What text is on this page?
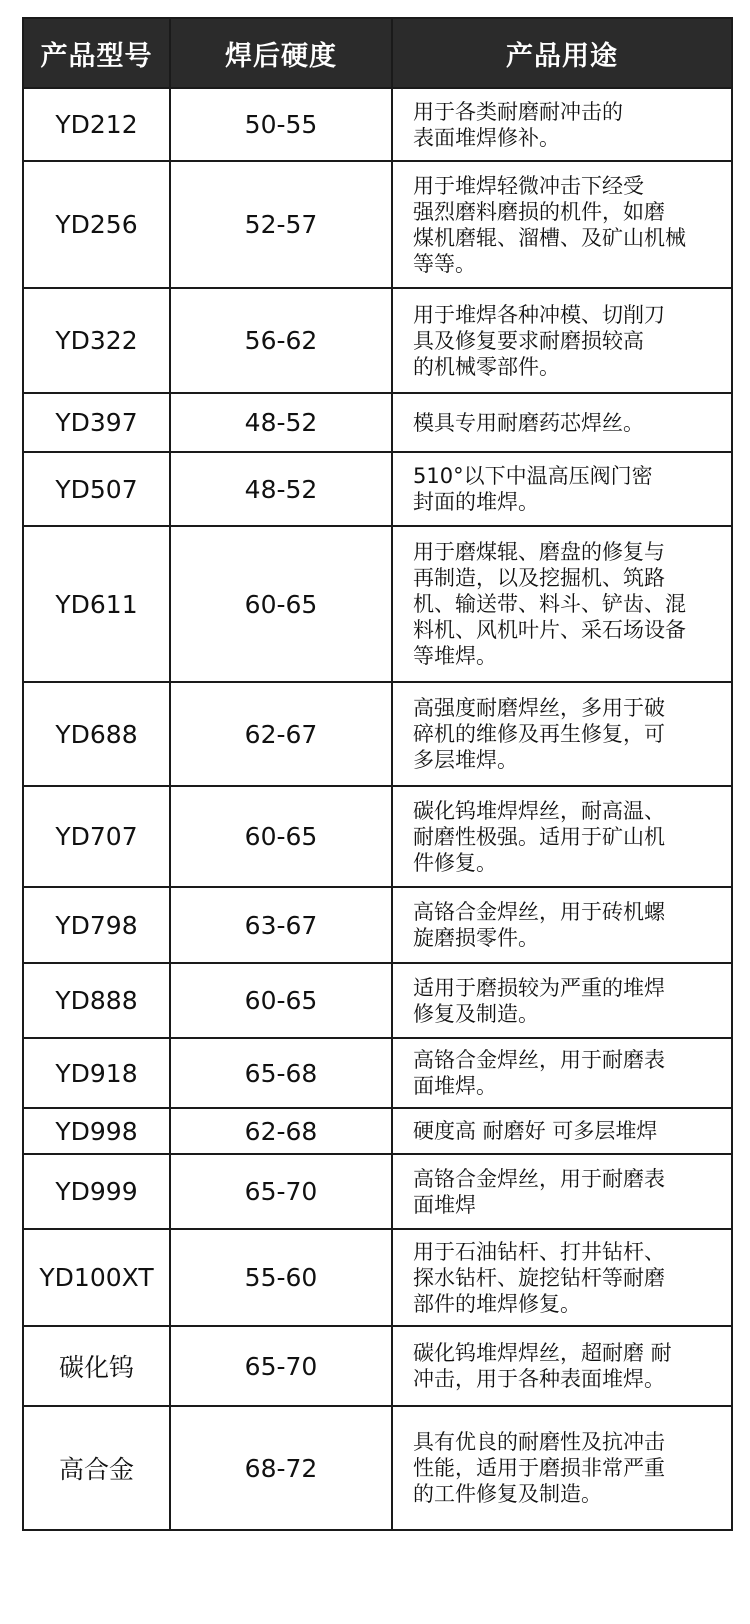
产品型号	焊后硬度	产品用途
YD212	50-55	用于各类耐磨耐冲击的
表面堆焊修补。

YD256	52-57	用于堆焊轻微冲击下经受
强烈磨料磨损的机件，如磨
煤机磨辊、溜槽、及矿山机械
等等。

YD322	56-62	用于堆焊各种冲模、切削刀
具及修复要求耐磨损较高
的机械零部件。

YD397	48-52	模具专用耐磨药芯焊丝。

YD507	48-52	510°以下中温高压阀门密
封面的堆焊。

YD611	60-65	用于磨煤辊、磨盘的修复与
再制造，以及挖掘机、筑路
机、输送带、料斗、铲齿、混
料机、风机叶片、采石场设备
等堆焊。

YD688	62-67	高强度耐磨焊丝，多用于破
碎机的维修及再生修复，可
多层堆焊。

YD707	60-65	碳化钨堆焊焊丝，耐高温、
耐磨性极强。适用于矿山机
件修复。

YD798	63-67	高铬合金焊丝，用于砖机螺
旋磨损零件。

YD888	60-65	适用于磨损较为严重的堆焊
修复及制造。

YD918	65-68	高铬合金焊丝，用于耐磨表
面堆焊。

YD998	62-68	硬度高 耐磨好 可多层堆焊

YD999	65-70	高铬合金焊丝，用于耐磨表
面堆焊

YD100XT	55-60	用于石油钻杆、打井钻杆、
探水钻杆、旋挖钻杆等耐磨
部件的堆焊修复。

碳化钨	65-70	碳化钨堆焊焊丝，超耐磨 耐
冲击，用于各种表面堆焊。

高合金	68-72	具有优良的耐磨性及抗冲击
性能，适用于磨损非常严重
的工件修复及制造。
